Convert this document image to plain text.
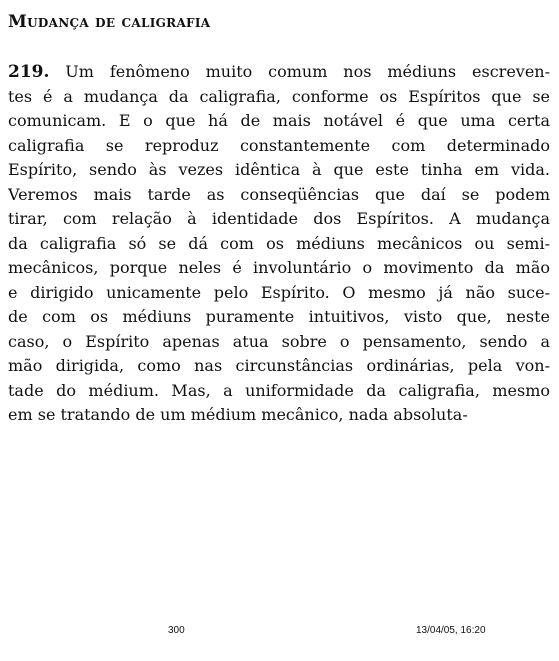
Mudança de caligrafia
219. Um fenômeno muito comum nos médiuns escreven-
tes é a mudança da caligrafia, conforme os Espíritos que se
comunicam. E o que há de mais notável é que uma certa
caligrafia se reproduz constantemente com determinado
Espírito, sendo às vezes idêntica à que este tinha em vida.
Veremos mais tarde as conseqüências que daí se podem
tirar, com relação à identidade dos Espíritos. A mudança
da caligrafia só se dá com os médiuns mecânicos ou semi-
mecânicos, porque neles é involuntário o movimento da mão
e dirigido unicamente pelo Espírito. O mesmo já não suce-
de com os médiuns puramente intuitivos, visto que, neste
caso, o Espírito apenas atua sobre o pensamento, sendo a
mão dirigida, como nas circunstâncias ordinárias, pela von-
tade do médium. Mas, a uniformidade da caligrafia, mesmo
em se tratando de um médium mecânico, nada absoluta-
300	13/04/05, 16:20
